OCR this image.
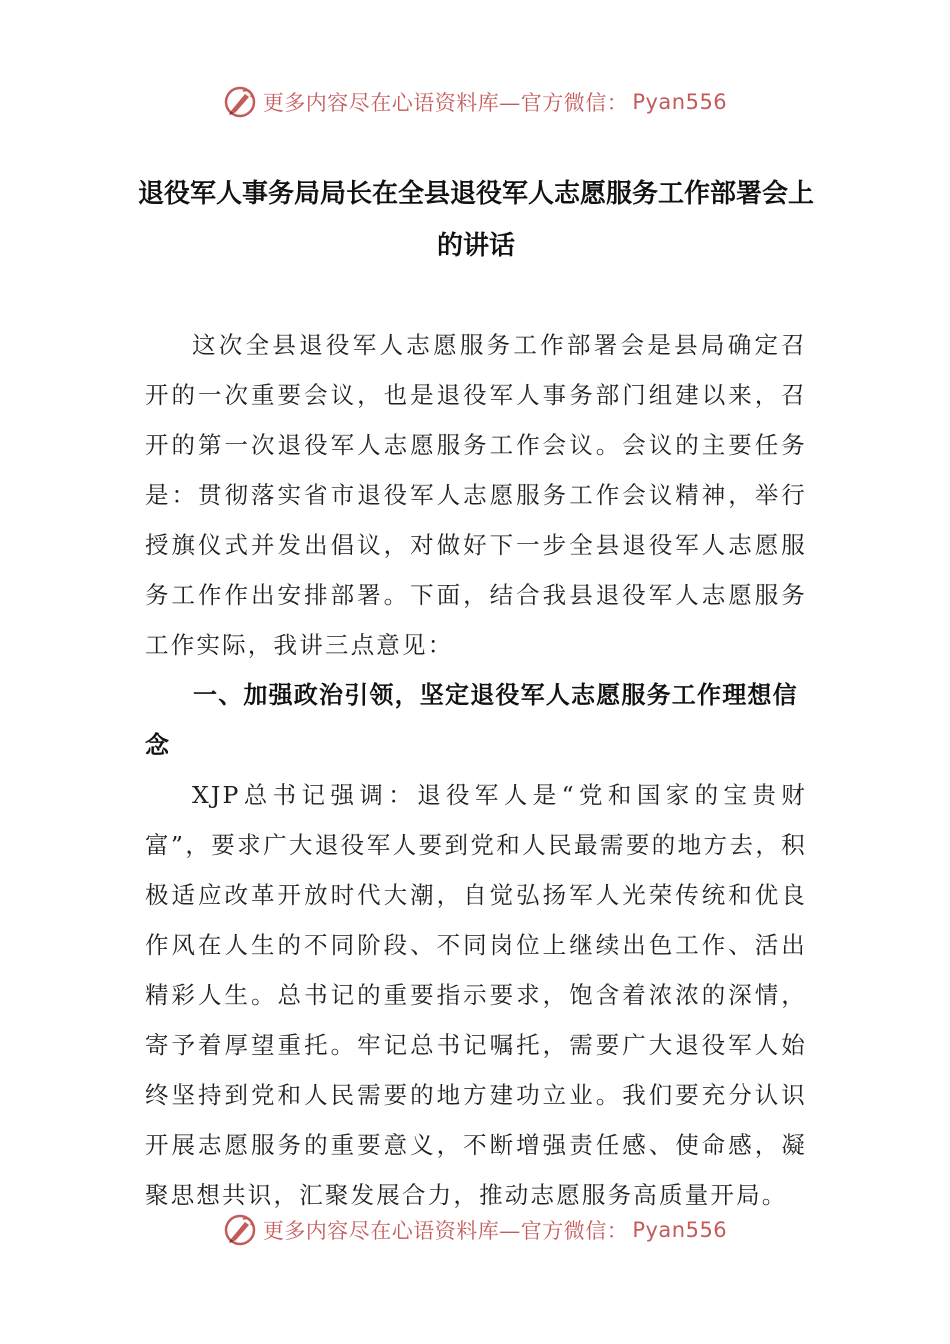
更多内容尽在心语资料库—官方微信： Pyan556
退役军人事务局局长在全县退役军人志愿服务工作部署会上的讲话

这次全县退役军人志愿服务工作部署会是县局确定召开的一次重要会议，也是退役军人事务部门组建以来，召开的第一次退役军人志愿服务工作会议。会议的主要任务是：贯彻落实省市退役军人志愿服务工作会议精神，举行授旗仪式并发出倡议，对做好下一步全县退役军人志愿服务工作作出安排部署。下面，结合我县退役军人志愿服务工作实际，我讲三点意见：

一、加强政治引领，坚定退役军人志愿服务工作理想信念

XJP总书记强调：退役军人是“党和国家的宝贵财富”，要求广大退役军人要到党和人民最需要的地方去，积极适应改革开放时代大潮，自觉弘扬军人光荣传统和优良作风在人生的不同阶段、不同岗位上继续出色工作、活出精彩人生。总书记的重要指示要求，饱含着浓浓的深情，寄予着厚望重托。牢记总书记嘱托，需要广大退役军人始终坚持到党和人民需要的地方建功立业。我们要充分认识开展志愿服务的重要意义，不断增强责任感、使命感，凝聚思想共识，汇聚发展合力，推动志愿服务高质量开局。

更多内容尽在心语资料库—官方微信： Pyan556
